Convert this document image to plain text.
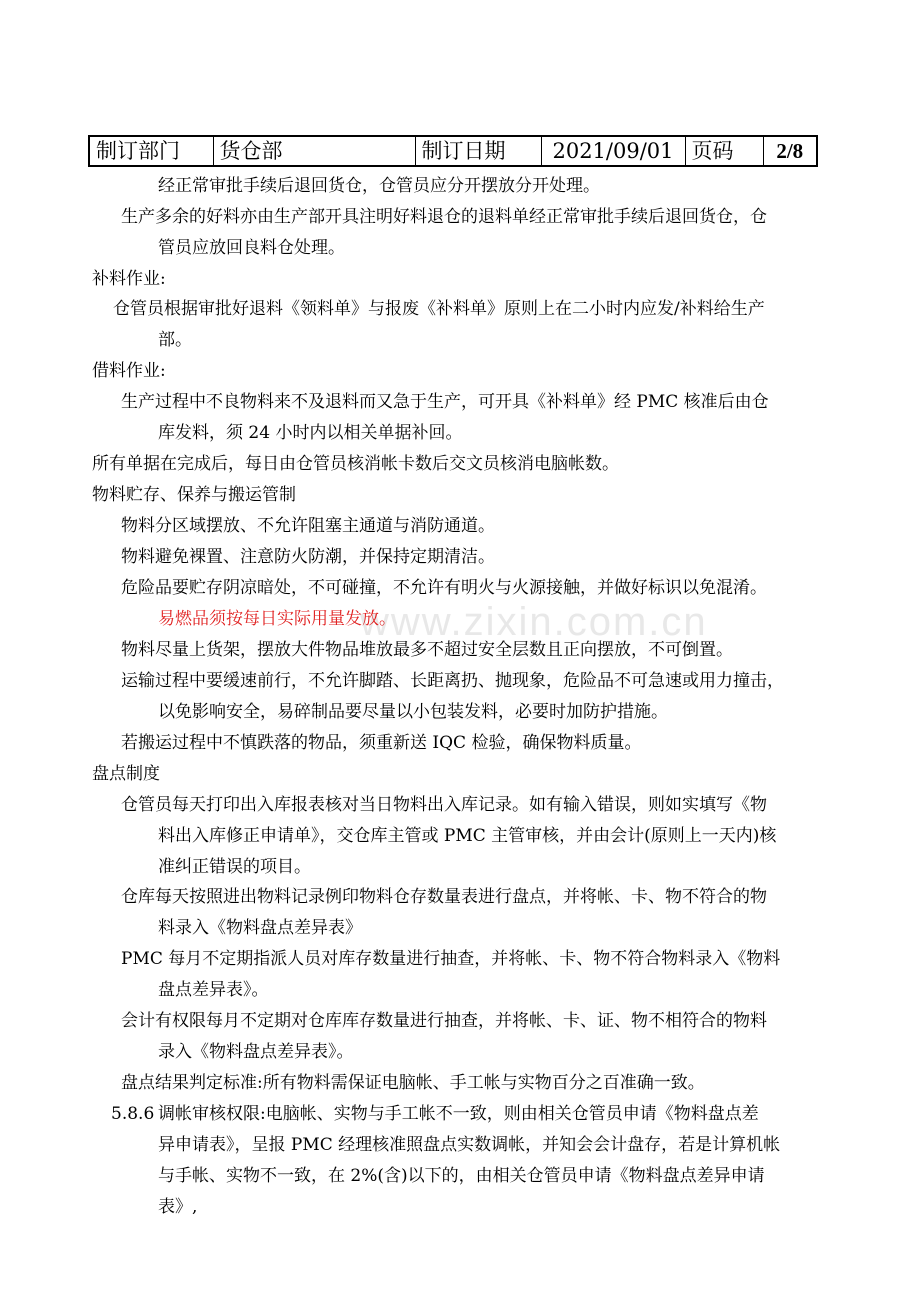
www.zixin.com.cn
制订部门	货仓部	制订日期	2021/09/01	页码	2/8
经正常审批手续后退回货仓，仓管员应分开摆放分开处理。
生产多余的好料亦由生产部开具注明好料退仓的退料单经正常审批手续后退回货仓，仓
管员应放回良料仓处理。
补料作业:
仓管员根据审批好退料《领料单》与报废《补料单》原则上在二小时内应发/补料给生产
部。
借料作业:
生产过程中不良物料来不及退料而又急于生产，可开具《补料单》经 PMC 核准后由仓
库发料，须 24 小时内以相关单据补回。
所有单据在完成后，每日由仓管员核消帐卡数后交文员核消电脑帐数。
物料贮存、保养与搬运管制
物料分区域摆放、不允许阻塞主通道与消防通道。
物料避免裸置、注意防火防潮，并保持定期清洁。
危险品要贮存阴凉暗处，不可碰撞，不允许有明火与火源接触，并做好标识以免混淆。
易燃品须按每日实际用量发放。
物料尽量上货架，摆放大件物品堆放最多不超过安全层数且正向摆放，不可倒置。
运输过程中要缓速前行，不允许脚踏、长距离扔、抛现象，危险品不可急速或用力撞击，
以免影响安全，易碎制品要尽量以小包装发料，必要时加防护措施。
若搬运过程中不慎跌落的物品，须重新送 IQC 检验，确保物料质量。
盘点制度
仓管员每天打印出入库报表核对当日物料出入库记录。如有输入错误，则如实填写《物
料出入库修正申请单》，交仓库主管或 PMC 主管审核，并由会计(原则上一天内)核
准纠正错误的项目。
仓库每天按照进出物料记录例印物料仓存数量表进行盘点，并将帐、卡、物不符合的物
料录入《物料盘点差异表》
PMC 每月不定期指派人员对库存数量进行抽查，并将帐、卡、物不符合物料录入《物料
盘点差异表》。
会计有权限每月不定期对仓库库存数量进行抽查，并将帐、卡、证、物不相符合的物料
录入《物料盘点差异表》。
盘点结果判定标准:所有物料需保证电脑帐、手工帐与实物百分之百准确一致。
5.8.6 调帐审核权限:电脑帐、实物与手工帐不一致，则由相关仓管员申请《物料盘点差
异申请表》，呈报 PMC 经理核准照盘点实数调帐，并知会会计盘存，若是计算机帐
与手帐、实物不一致，在 2%(含)以下的，由相关仓管员申请《物料盘点差异申请
表》,
